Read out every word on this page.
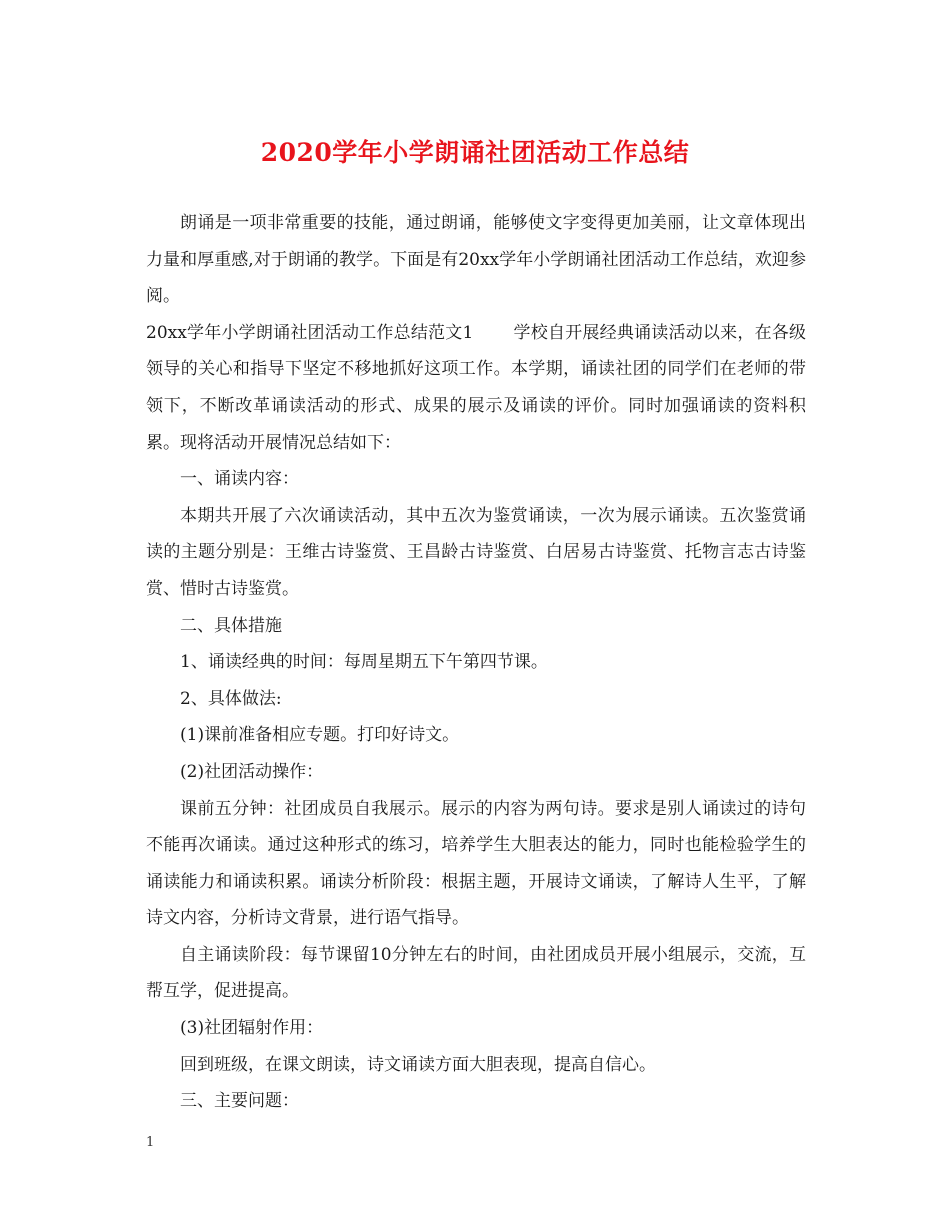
2020学年小学朗诵社团活动工作总结

朗诵是一项非常重要的技能，通过朗诵，能够使文字变得更加美丽，让文章体现出力量和厚重感,对于朗诵的教学。下面是有20xx学年小学朗诵社团活动工作总结，欢迎参阅。

20xx学年小学朗诵社团活动工作总结范文1 学校自开展经典诵读活动以来，在各级领导的关心和指导下坚定不移地抓好这项工作。本学期，诵读社团的同学们在老师的带领下，不断改革诵读活动的形式、成果的展示及诵读的评价。同时加强诵读的资料积累。现将活动开展情况总结如下：

一、诵读内容：

本期共开展了六次诵读活动，其中五次为鉴赏诵读，一次为展示诵读。五次鉴赏诵读的主题分别是：王维古诗鉴赏、王昌龄古诗鉴赏、白居易古诗鉴赏、托物言志古诗鉴赏、惜时古诗鉴赏。

二、具体措施

1、诵读经典的时间：每周星期五下午第四节课。

2、具体做法:

(1)课前准备相应专题。打印好诗文。

(2)社团活动操作：

课前五分钟：社团成员自我展示。展示的内容为两句诗。要求是别人诵读过的诗句不能再次诵读。通过这种形式的练习，培养学生大胆表达的能力，同时也能检验学生的诵读能力和诵读积累。诵读分析阶段：根据主题，开展诗文诵读，了解诗人生平，了解诗文内容，分析诗文背景，进行语气指导。

自主诵读阶段：每节课留10分钟左右的时间，由社团成员开展小组展示，交流，互帮互学，促进提高。

(3)社团辐射作用：

回到班级，在课文朗读，诗文诵读方面大胆表现，提高自信心。

三、主要问题：

1
